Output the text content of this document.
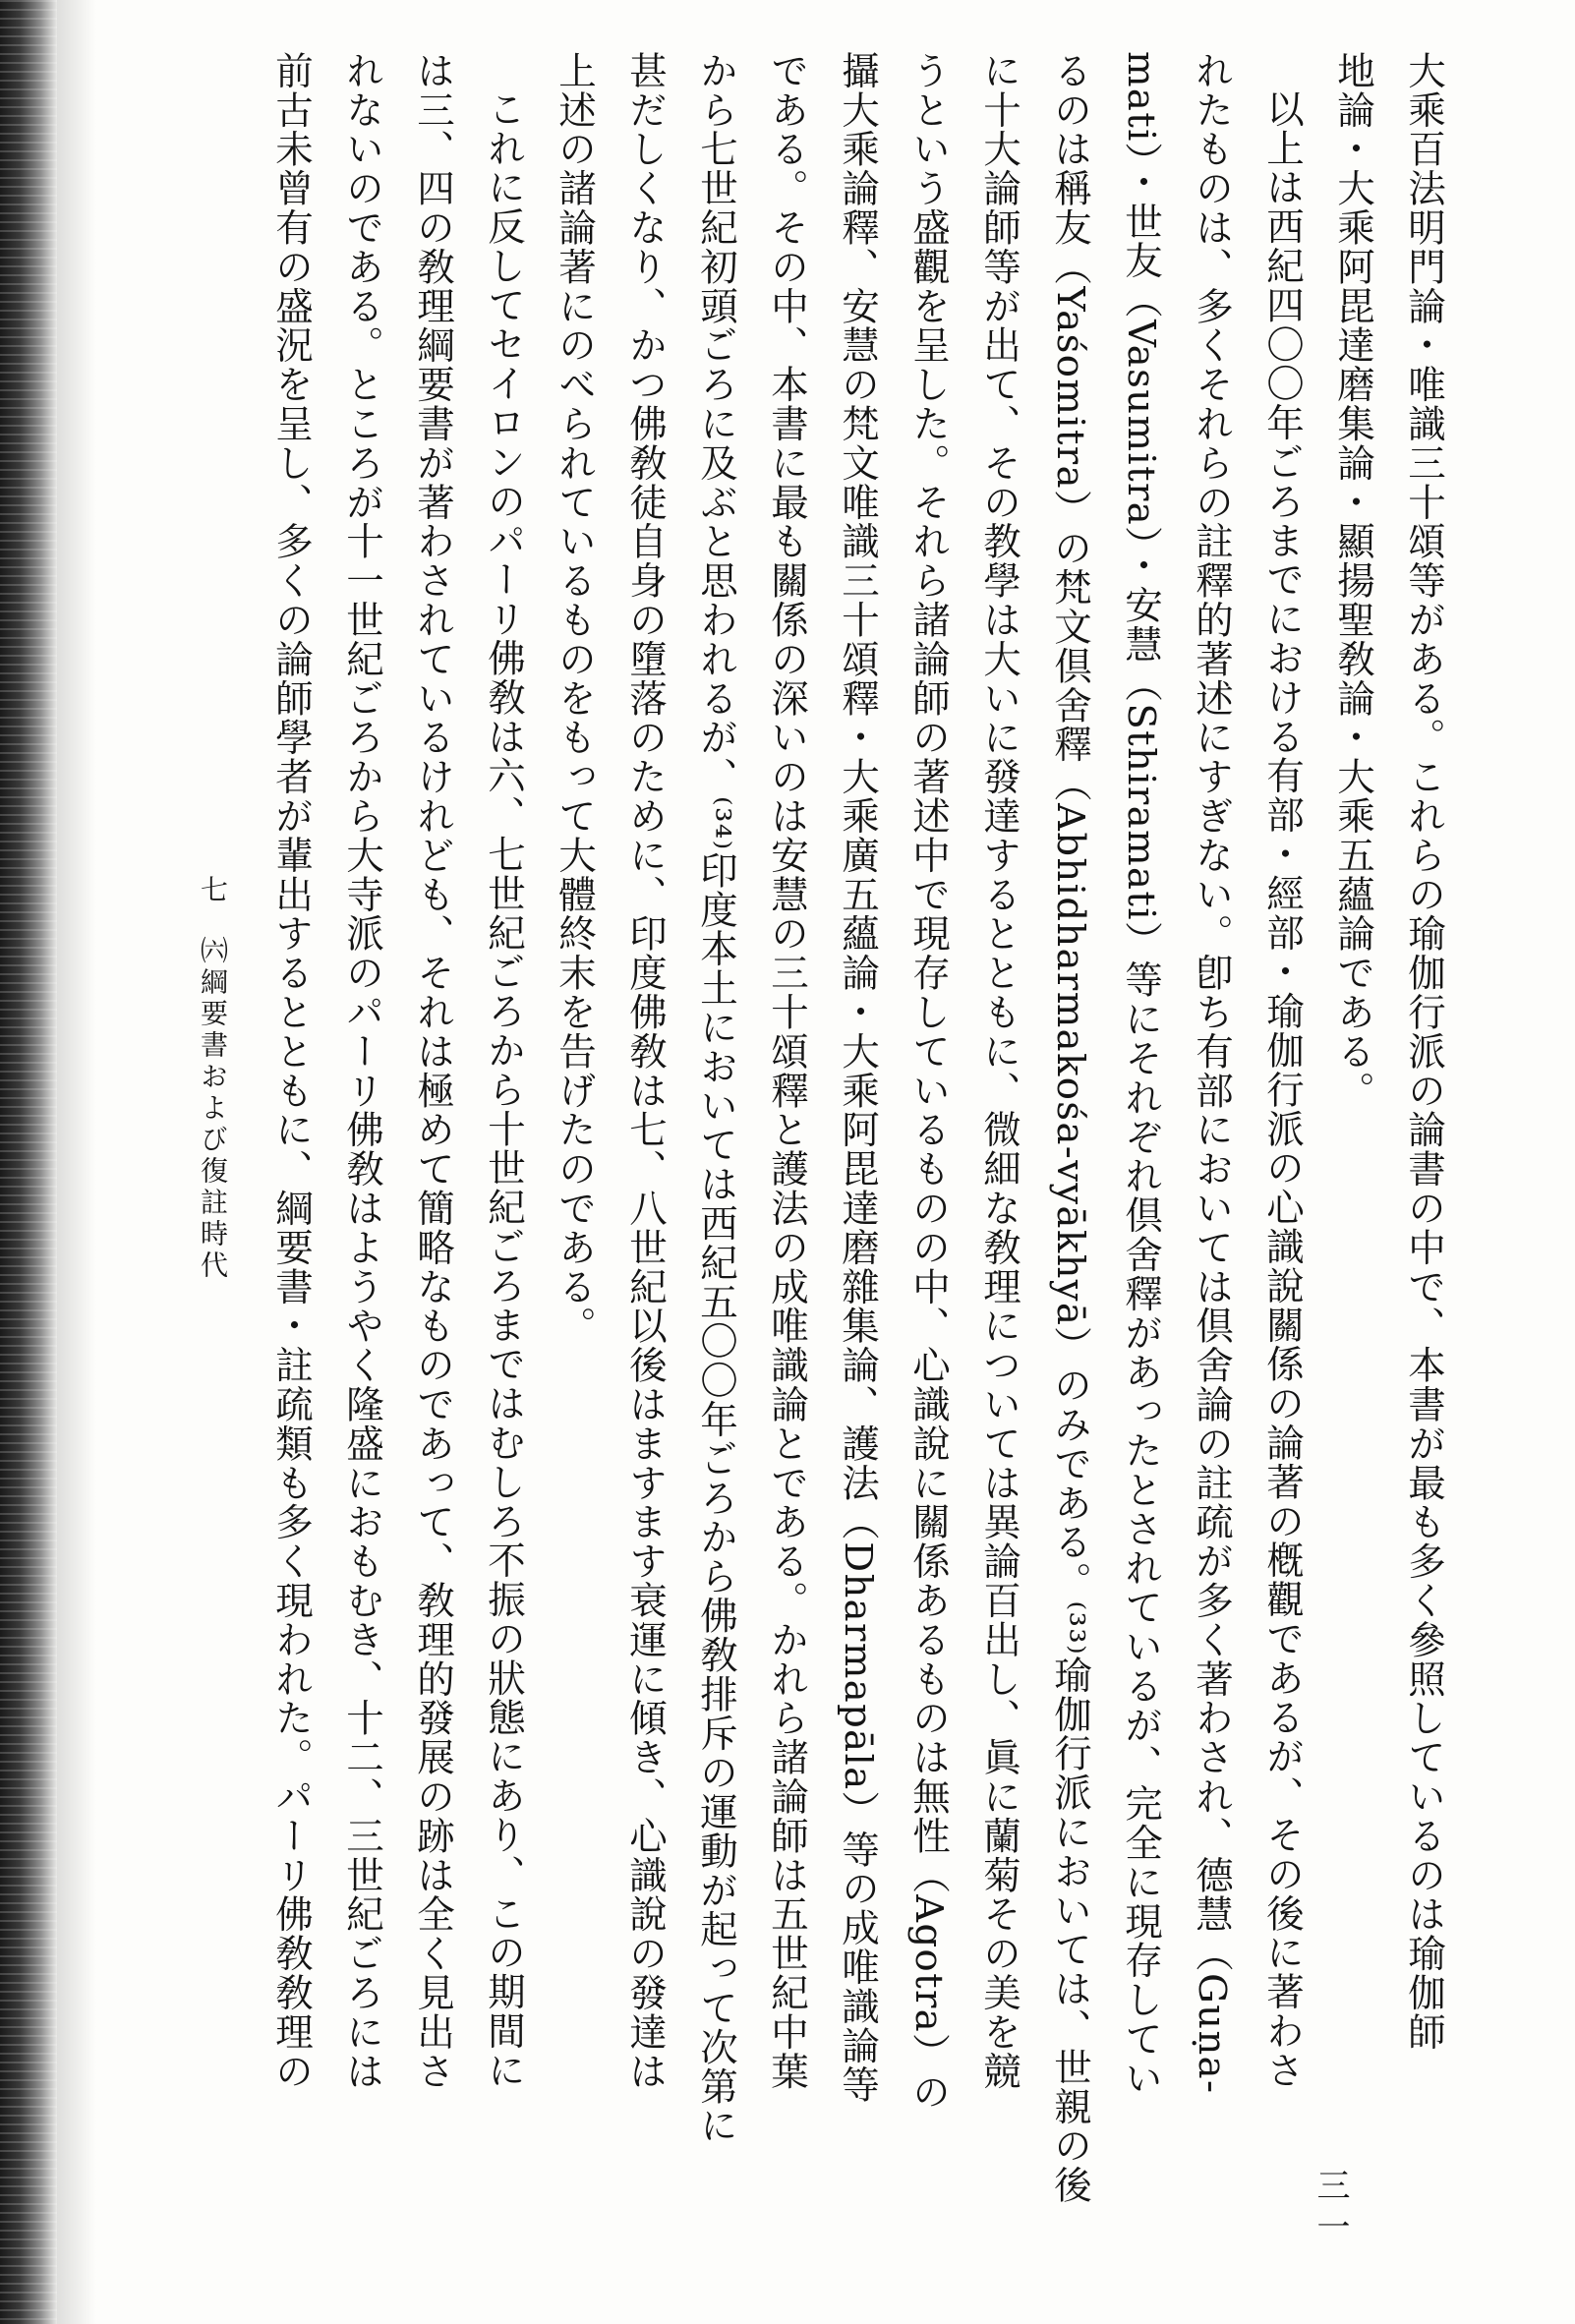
大乘百法明門論・唯識三十頌等がある。これらの瑜伽行派の論書の中で、本書が最も多く參照しているのは瑜伽師
地論・大乘阿毘達磨集論・顯揚聖敎論・大乘五蘊論である。

以上は西紀四〇〇年ごろまでにおける有部・經部・瑜伽行派の心識說關係の論著の槪觀であるが、その後に著わさ
れたものは、多くそれらの註釋的著述にすぎない。卽ち有部においては倶舍論の註疏が多く著わされ、德慧（Guṇa-
mati）・世友（Vasumitra）・安慧（Sthiramati）等にそれぞれ倶舍釋があったとされているが、完全に現存してい
るのは稱友（Yaśomitra）の梵文倶舍釋（Abhidharmakośa-vyākhyā）のみである。⁽³³⁾瑜伽行派においては、世親の後
に十大論師等が出て、その教學は大いに發達するとともに、微細な敎理については異論百出し、眞に蘭菊その美を競
うという盛觀を呈した。それら諸論師の著述中で現存しているものの中、心識說に關係あるものは無性（Agotra）の
攝大乘論釋、安慧の梵文唯識三十頌釋・大乘廣五蘊論・大乘阿毘達磨雜集論、護法（Dharmapāla）等の成唯識論等
である。その中、本書に最も關係の深いのは安慧の三十頌釋と護法の成唯識論とである。かれら諸論師は五世紀中葉
から七世紀初頭ごろに及ぶと思われるが、⁽³⁴⁾印度本土においては西紀五〇〇年ごろから佛敎排斥の運動が起って次第に
甚だしくなり、かつ佛敎徒自身の墮落のために、印度佛敎は七、八世紀以後はますます衰運に傾き、心識說の發達は
上述の諸論著にのべられているものをもって大體終末を告げたのである。

これに反してセイロンのパーリ佛敎は六、七世紀ごろから十世紀ごろまではむしろ不振の狀態にあり、この期間に
は三、四の敎理綱要書が著わされているけれども、それは極めて簡略なものであって、敎理的發展の跡は全く見出さ
れないのである。ところが十一世紀ごろから大寺派のパーリ佛敎はようやく隆盛におもむき、十二、三世紀ごろには
前古未曾有の盛況を呈し、多くの論師學者が輩出するとともに、綱要書・註疏類も多く現われた。パーリ佛敎敎理の

三一
七㈥綱要書および復註時代
